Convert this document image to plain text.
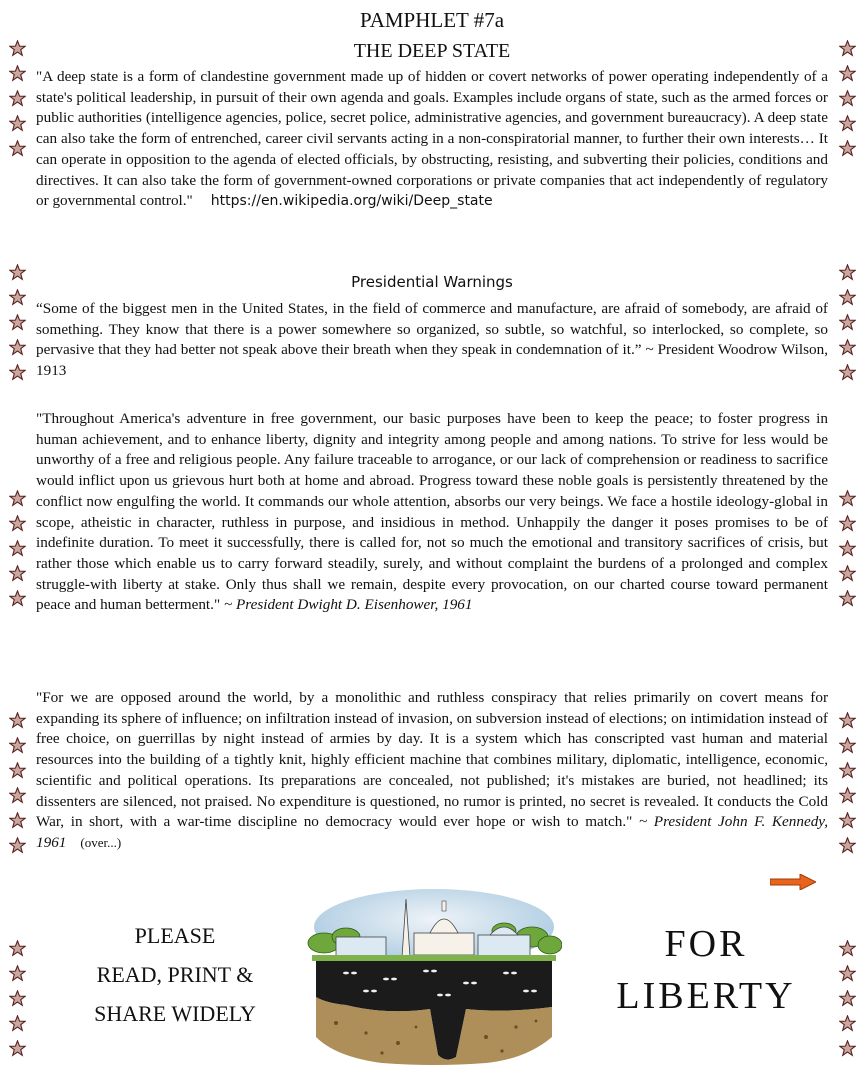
PAMPHLET #7a
THE DEEP STATE

"A deep state is a form of clandestine government made up of hidden or covert networks of power operating independently of a state's political leadership, in pursuit of their own agenda and goals. Examples include organs of state, such as the armed forces or public authorities (intelligence agencies, police, secret police, administrative agencies, and government bureaucracy). A deep state can also take the form of entrenched, career civil servants acting in a non-conspiratorial manner, to further their own interests… It can operate in opposition to the agenda of elected officials, by obstructing, resisting, and subverting their policies, conditions and directives. It can also take the form of government-owned corporations or private companies that act independently of regulatory or governmental control." https://en.wikipedia.org/wiki/Deep_state

Presidential Warnings

“Some of the biggest men in the United States, in the field of commerce and manufacture, are afraid of somebody, are afraid of something. They know that there is a power somewhere so organized, so subtle, so watchful, so interlocked, so complete, so pervasive that they had better not speak above their breath when they speak in condemnation of it.” ~ President Woodrow Wilson, 1913

"Throughout America's adventure in free government, our basic purposes have been to keep the peace; to foster progress in human achievement, and to enhance liberty, dignity and integrity among people and among nations. To strive for less would be unworthy of a free and religious people. Any failure traceable to arrogance, or our lack of comprehension or readiness to sacrifice would inflict upon us grievous hurt both at home and abroad. Progress toward these noble goals is persistently threatened by the conflict now engulfing the world. It commands our whole attention, absorbs our very beings. We face a hostile ideology-global in scope, atheistic in character, ruthless in purpose, and insidious in method. Unhappily the danger it poses promises to be of indefinite duration. To meet it successfully, there is called for, not so much the emotional and transitory sacrifices of crisis, but rather those which enable us to carry forward steadily, surely, and without complaint the burdens of a prolonged and complex struggle-with liberty at stake. Only thus shall we remain, despite every provocation, on our charted course toward permanent peace and human betterment." ~ President Dwight D. Eisenhower, 1961

"For we are opposed around the world, by a monolithic and ruthless conspiracy that relies primarily on covert means for expanding its sphere of influence; on infiltration instead of invasion, on subversion instead of elections; on intimidation instead of free choice, on guerrillas by night instead of armies by day. It is a system which has conscripted vast human and material resources into the building of a tightly knit, highly efficient machine that combines military, diplomatic, intelligence, economic, scientific and political operations. Its preparations are concealed, not published; it's mistakes are buried, not headlined; its dissenters are silenced, not praised. No expenditure is questioned, no rumor is printed, no secret is revealed. It conducts the Cold War, in short, with a war-time discipline no democracy would ever hope or wish to match." ~ President John F. Kennedy, 1961 (over...)

PLEASE
READ, PRINT &
SHARE WIDELY
FOR
LIBERTY
